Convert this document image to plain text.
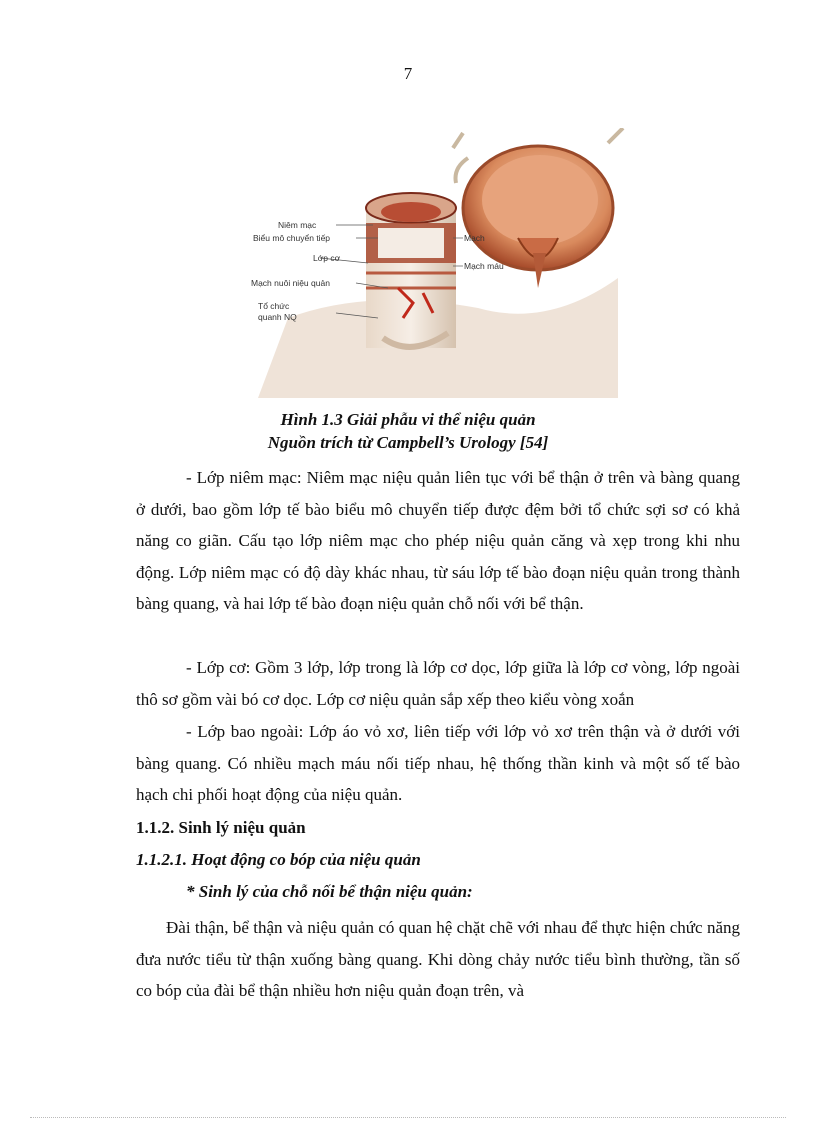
7
Niêm mạc
Biểu mô chuyển tiếp
Lớp cơ
Mạch nuôi niệu quản
Tổ chức
quanh NQ
Mạch
Mạch máu
Hình 1.3 Giải phẫu vi thể niệu quản
Nguồn trích từ Campbell’s Urology [54]

- Lớp niêm mạc: Niêm mạc niệu quản liên tục với bể thận ở trên và bàng quang ở dưới, bao gồm lớp tế bào biểu mô chuyển tiếp được đệm bởi tổ chức sợi sơ có khả năng co giãn. Cấu tạo lớp niêm mạc cho phép niệu quản căng và xẹp trong khi nhu động. Lớp niêm mạc có độ dày khác nhau, từ sáu lớp tế bào đoạn niệu quản trong thành bàng quang, và hai lớp tế bào đoạn niệu quản chỗ nối với bể thận.

- Lớp cơ: Gồm 3 lớp, lớp trong là lớp cơ dọc, lớp giữa là lớp cơ vòng, lớp ngoài thô sơ gồm vài bó cơ dọc. Lớp cơ niệu quản sắp xếp theo kiểu vòng xoắn

- Lớp bao ngoài: Lớp áo vỏ xơ, liên tiếp với lớp vỏ xơ trên thận và ở dưới với bàng quang. Có nhiều mạch máu nối tiếp nhau, hệ thống thần kinh và một số tế bào hạch chi phối hoạt động của niệu quản.

1.1.2. Sinh lý niệu quản
1.1.2.1. Hoạt động co bóp của niệu quản
* Sinh lý của chỗ nối bể thận niệu quản:

Đài thận, bể thận và niệu quản có quan hệ chặt chẽ với nhau để thực hiện chức năng đưa nước tiểu từ thận xuống bàng quang. Khi dòng chảy nước tiểu bình thường, tần số co bóp của đài bể thận nhiều hơn niệu quản đoạn trên, và
